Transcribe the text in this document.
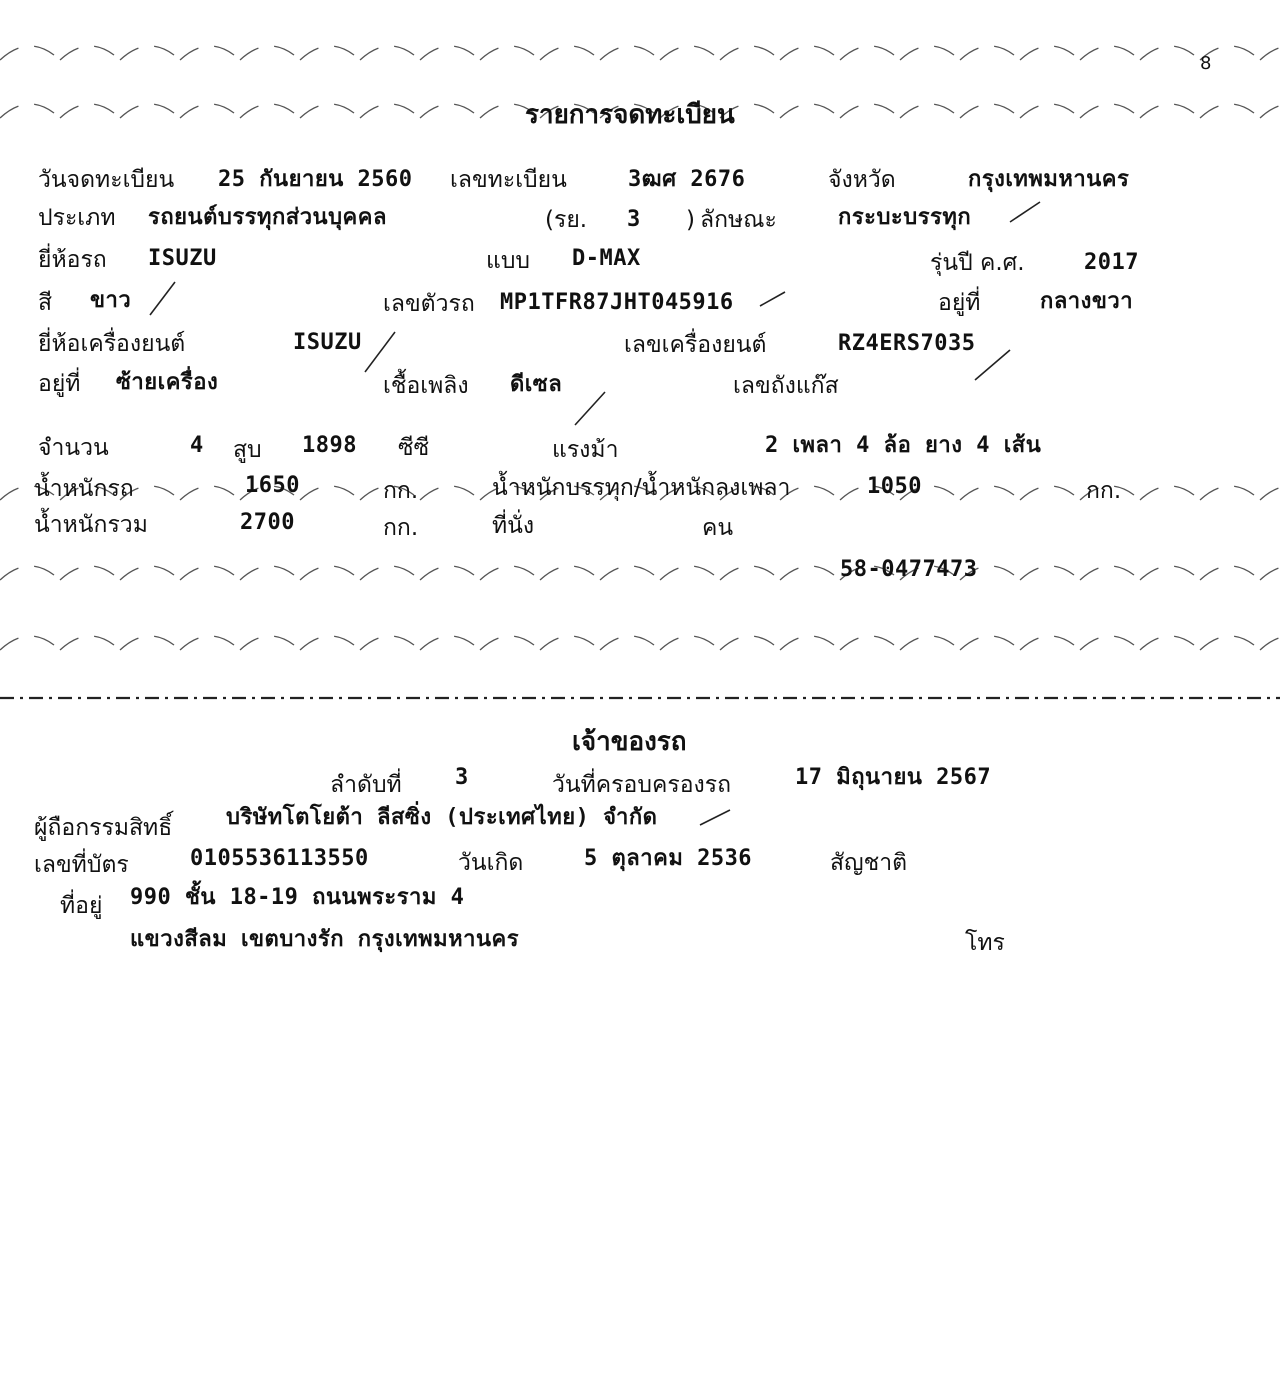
8
รายการจดทะเบียน
วันจดทะเบียน 25 กันยายน 2560 เลขทะเบียน	3ฒศ 2676	จังหวัด	กรุงเทพมหานคร
ประเภท รถยนต์บรรทุกส่วนบุคคล	(รย. 3 ) ลักษณะ	กระบะบรรทุก
ยี่ห้อรถ ISUZU	แบบ D-MAX	รุ่นปี ค.ศ.	2017
สี ขาว	เลขตัวรถ MP1TFR87JHT045916	อยู่ที่	กลางขวา
ยี่ห้อเครื่องยนต์	ISUZU	เลขเครื่องยนต์	RZ4ERS7035
อยู่ที่ ซ้ายเครื่อง	เชื้อเพลิง ดีเซล	เลขถังแก๊ส
จำนวน	4 สูบ 1898 ซีซี	แรงม้า	2 เพลา 4 ล้อ ยาง 4 เส้น
น้ำหนักรถ	1650	กก.	น้ำหนักบรรทุก/น้ำหนักลงเพลา	1050	กก.
น้ำหนักรวม	2700	กก.	ที่นั่ง	คน
58-0477473
เจ้าของรถ
ลำดับที่ 3	วันที่ครอบครองรถ	17 มิถุนายน 2567
ผู้ถือกรรมสิทธิ์ บริษัทโตโยต้า ลีสซิ่ง (ประเทศไทย) จำกัด
เลขที่บัตร	0105536113550	วันเกิด	5 ตุลาคม 2536	สัญชาติ
ที่อยู่ 990 ชั้น 18-19 ถนนพระราม 4
แขวงสีลม เขตบางรัก กรุงเทพมหานคร	โทร
